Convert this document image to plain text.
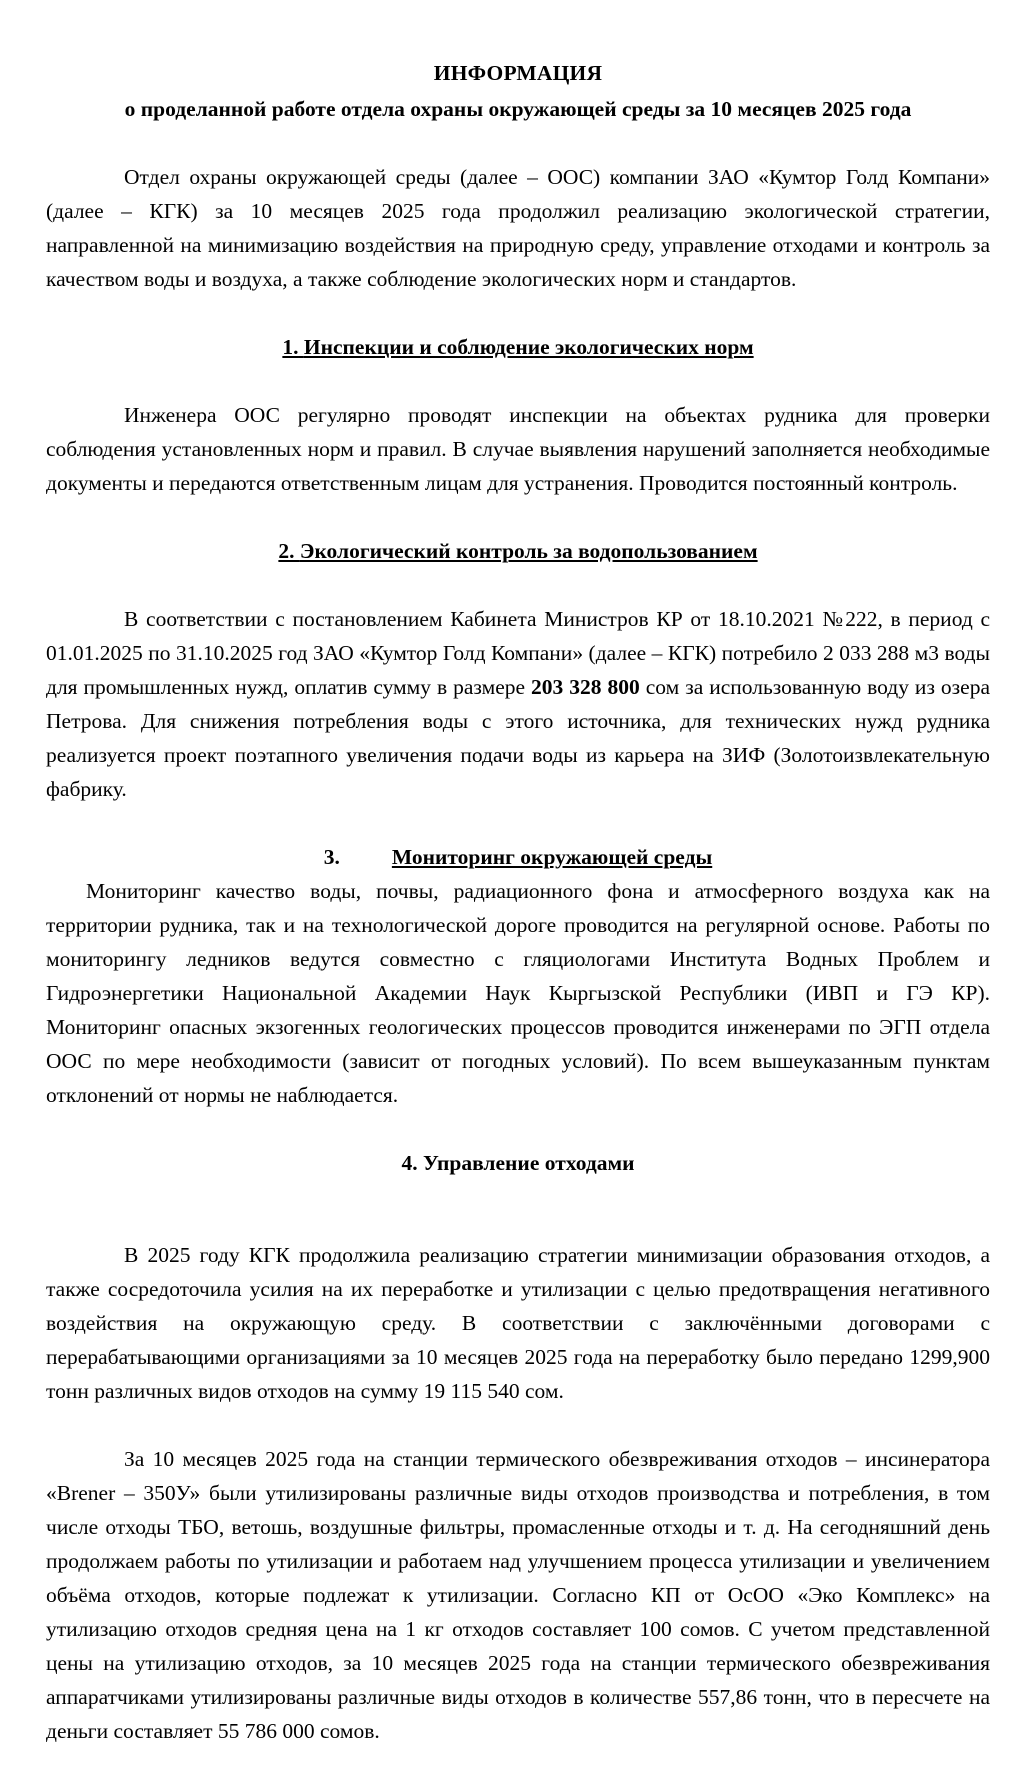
ИНФОРМАЦИЯ
о проделанной работе отдела охраны окружающей среды за 10 месяцев 2025 года

Отдел охраны окружающей среды (далее – ООС) компании ЗАО «Кумтор Голд Компани» (далее – КГК) за 10 месяцев 2025 года продолжил реализацию экологической стратегии, направленной на минимизацию воздействия на природную среду, управление отходами и контроль за качеством воды и воздуха, а также соблюдение экологических норм и стандартов.

1. Инспекции и соблюдение экологических норм

Инженера ООС регулярно проводят инспекции на объектах рудника для проверки соблюдения установленных норм и правил. В случае выявления нарушений заполняется необходимые документы и передаются ответственным лицам для устранения. Проводится постоянный контроль.

2. Экологический контроль за водопользованием

В соответствии с постановлением Кабинета Министров КР от 18.10.2021 №222, в период с 01.01.2025 по 31.10.2025 год ЗАО «Кумтор Голд Компани» (далее – КГК) потребило 2 033 288 м3 воды для промышленных нужд, оплатив сумму в размере 203 328 800 сом за использованную воду из озера Петрова. Для снижения потребления воды с этого источника, для технических нужд рудника реализуется проект поэтапного увеличения подачи воды из карьера на ЗИФ (Золотоизвлекательную фабрику.

3. Мониторинг окружающей среды

Мониторинг качество воды, почвы, радиационного фона и атмосферного воздуха как на территории рудника, так и на технологической дороге проводится на регулярной основе. Работы по мониторингу ледников ведутся совместно с гляциологами Института Водных Проблем и Гидроэнергетики Национальной Академии Наук Кыргызской Республики (ИВП и ГЭ КР). Мониторинг опасных экзогенных геологических процессов проводится инженерами по ЭГП отдела ООС по мере необходимости (зависит от погодных условий). По всем вышеуказанным пунктам отклонений от нормы не наблюдается.

4. Управление отходами

В 2025 году КГК продолжила реализацию стратегии минимизации образования отходов, а также сосредоточила усилия на их переработке и утилизации с целью предотвращения негативного воздействия на окружающую среду. В соответствии с заключёнными договорами с перерабатывающими организациями за 10 месяцев 2025 года на переработку было передано 1299,900 тонн различных видов отходов на сумму 19 115 540 сом.

За 10 месяцев 2025 года на станции термического обезвреживания отходов – инсинератора «Brener – 350У» были утилизированы различные виды отходов производства и потребления, в том числе отходы ТБО, ветошь, воздушные фильтры, промасленные отходы и т. д. На сегодняшний день продолжаем работы по утилизации и работаем над улучшением процесса утилизации и увеличением объёма отходов, которые подлежат к утилизации. Согласно КП от ОсОО «Эко Комплекс» на утилизацию отходов средняя цена на 1 кг отходов составляет 100 сомов. С учетом представленной цены на утилизацию отходов, за 10 месяцев 2025 года на станции термического обезвреживания аппаратчиками утилизированы различные виды отходов в количестве 557,86 тонн, что в пересчете на деньги составляет 55 786 000 сомов.
